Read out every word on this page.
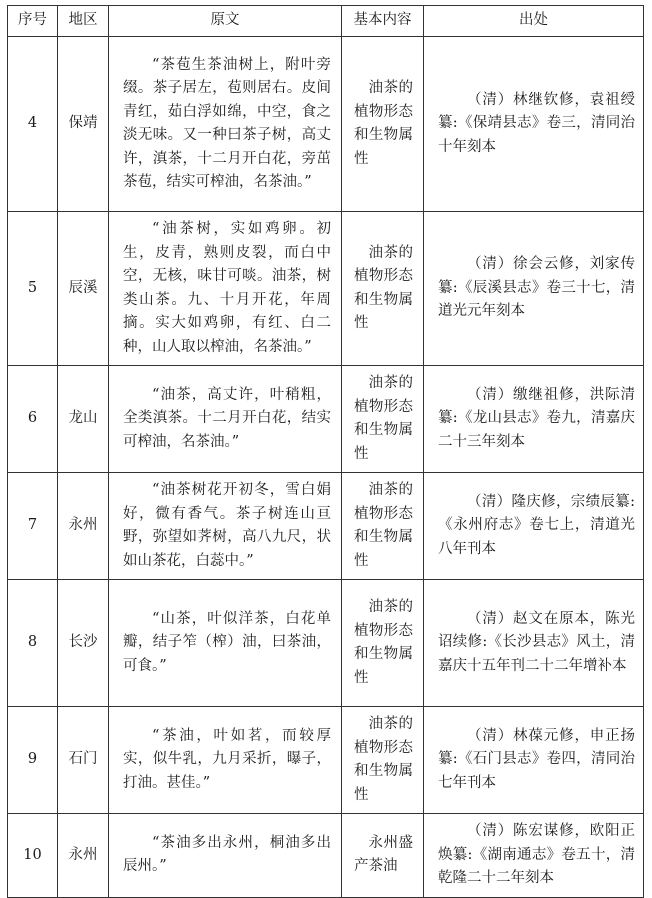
序号	地区	原文	基本内容	出处
4	保靖	“茶苞生茶油树上，附叶旁缀。茶子居左，苞则居右。皮间青红，茹白浮如绵，中空，食之淡无味。又一种曰茶子树，高丈许，滇茶，十二月开白花，旁茁茶苞，结实可榨油，名茶油。”	油茶的植物形态和生物属性	（清）林继钦修，袁祖绶纂:《保靖县志》卷三，清同治十年刻本
5	辰溪	“油茶树，实如鸡卵。初生，皮青，熟则皮裂，而白中空，无核，味甘可啖。油茶，树类山茶。九、十月开花，年周摘。实大如鸡卵，有红、白二种，山人取以榨油，名茶油。”	油茶的植物形态和生物属性	（清）徐会云修，刘家传纂:《辰溪县志》卷三十七，清道光元年刻本
6	龙山	“油茶，高丈许，叶稍粗，全类滇茶。十二月开白花，结实可榨油，名茶油。”	油茶的植物形态和生物属性	（清）缴继祖修，洪际清纂:《龙山县志》卷九，清嘉庆二十三年刻本
7	永州	“油茶树花开初冬，雪白娟好，微有香气。茶子树连山亘野，弥望如荠树，高八九尺，状如山茶花，白蕊中。”	油茶的植物形态和生物属性	（清）隆庆修，宗绩辰纂:《永州府志》卷七上，清道光八年刊本
8	长沙	“山茶，叶似洋茶，白花单瓣，结子笮（榨）油，曰茶油，可食。”	油茶的植物形态和生物属性	（清）赵文在原本，陈光诏续修:《长沙县志》风土，清嘉庆十五年刊二十二年增补本
9	石门	“茶油，叶如茗，而较厚实，似牛乳，九月采折，曝子，打油。甚佳。”	油茶的植物形态和生物属性	（清）林葆元修，申正扬纂:《石门县志》卷四，清同治七年刊本
10	永州	“茶油多出永州，桐油多出辰州。”	永州盛产茶油	（清）陈宏谋修，欧阳正焕纂:《湖南通志》卷五十，清乾隆二十二年刻本
